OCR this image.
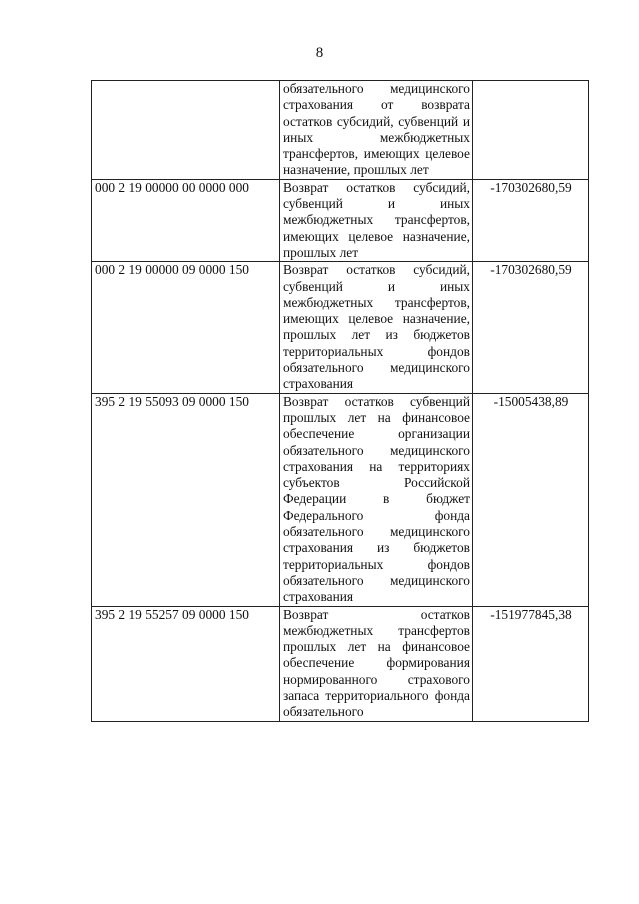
8
	обязательного медицинского страхования от возврата остатков субсидий, субвенций и иных межбюджетных трансфертов, имеющих целевое назначение, прошлых лет	
000 2 19 00000 00 0000 000	Возврат остатков субсидий, субвенций и иных межбюджетных трансфертов, имеющих целевое назначение, прошлых лет	-170302680,59
000 2 19 00000 09 0000 150	Возврат остатков субсидий, субвенций и иных межбюджетных трансфертов, имеющих целевое назначение, прошлых лет из бюджетов территориальных фондов обязательного медицинского страхования	-170302680,59
395 2 19 55093 09 0000 150	Возврат остатков субвенций прошлых лет на финансовое обеспечение организации обязательного медицинского страхования на территориях субъектов Российской Федерации в бюджет Федерального фонда обязательного медицинского страхования из бюджетов территориальных фондов обязательного медицинского страхования	-15005438,89
395 2 19 55257 09 0000 150	Возврат остатков межбюджетных трансфертов прошлых лет на финансовое обеспечение формирования нормированного страхового запаса территориального фонда обязательного	-151977845,38
